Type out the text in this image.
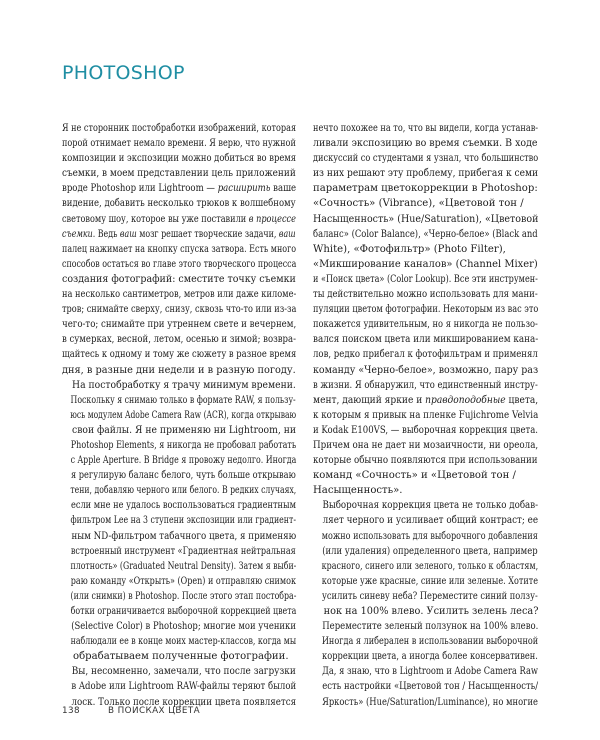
PHOTOSHOP

Я не сторонник постобработки изображений, которая
порой отнимает немало времени. Я верю, что нужной
композиции и экспозиции можно добиться во время
съемки, в моем представлении цель приложений
вроде Photoshop или Lightroom — расширить ваше
видение, добавить несколько трюков к волшебному
световому шоу, которое вы уже поставили в процессе
съемки. Ведь ваш мозг решает творческие задачи, ваш
палец нажимает на кнопку спуска затвора. Есть много
способов остаться во главе этого творческого процесса
создания фотографий: сместите точку съемки
на несколько сантиметров, метров или даже киломе-
тров; снимайте сверху, снизу, сквозь что-то или из-за
чего-то; снимайте при утреннем свете и вечернем,
в сумерках, весной, летом, осенью и зимой; возвра-
щайтесь к одному и тому же сюжету в разное время
дня, в разные дни недели и в разную погоду.

На постобработку я трачу минимум времени.
Поскольку я снимаю только в формате RAW, я пользу-
юсь модулем Adobe Camera Raw (ACR), когда открываю
свои файлы. Я не применяю ни Lightroom, ни
Photoshop Elements, я никогда не пробовал работать
с Apple Aperture. В Bridge я провожу недолго. Иногда
я регулирую баланс белого, чуть больше открываю
тени, добавляю черного или белого. В редких случаях,
если мне не удалось воспользоваться градиентным
фильтром Lee на 3 ступени экспозиции или градиент-
ным ND-фильтром табачного цвета, я применяю
встроенный инструмент «Градиентная нейтральная
плотность» (Graduated Neutral Density). Затем я выби-
раю команду «Открыть» (Open) и отправляю снимок
(или снимки) в Photoshop. После этого этап постобра-
ботки ограничивается выборочной коррекцией цвета
(Selective Color) в Photoshop; многие мои ученики
наблюдали ее в конце моих мастер-классов, когда мы
обрабатываем полученные фотографии.

Вы, несомненно, замечали, что после загрузки
в Adobe или Lightroom RAW-файлы теряют былой
лоск. Только после коррекции цвета появляется

нечто похожее на то, что вы видели, когда устанав-
ливали экспозицию во время съемки. В ходе
дискуссий со студентами я узнал, что большинство
из них решают эту проблему, прибегая к семи
параметрам цветокоррекции в Photoshop:
«Сочность» (Vibrance), «Цветовой тон /
Насыщенность» (Hue/Saturation), «Цветовой
баланс» (Color Balance), «Черно-белое» (Black and
White), «Фотофильтр» (Photo Filter),
«Микширование каналов» (Channel Mixer)
и «Поиск цвета» (Color Lookup). Все эти инструмен-
ты действительно можно использовать для мани-
пуляции цветом фотографии. Некоторым из вас это
покажется удивительным, но я никогда не пользо-
вался поиском цвета или микшированием кана-
лов, редко прибегал к фотофильтрам и применял
команду «Черно-белое», возможно, пару раз
в жизни. Я обнаружил, что единственный инстру-
мент, дающий яркие и правдоподобные цвета,
к которым я привык на пленке Fujichrome Velvia
и Kodak E100VS, — выборочная коррекция цвета.
Причем она не дает ни мозаичности, ни ореола,
которые обычно появляются при использовании
команд «Сочность» и «Цветовой тон /
Насыщенность».

Выборочная коррекция цвета не только добав-
ляет черного и усиливает общий контраст; ее
можно использовать для выборочного добавления
(или удаления) определенного цвета, например
красного, синего или зеленого, только к областям,
которые уже красные, синие или зеленые. Хотите
усилить синеву неба? Переместите синий ползу-
нок на 100% влево. Усилить зелень леса?
Переместите зеленый ползунок на 100% влево.
Иногда я либерален в использовании выборочной
коррекции цвета, а иногда более консервативен.

Да, я знаю, что в Lightroom и Adobe Camera Raw
есть настройки «Цветовой тон / Насыщенность/
Яркость» (Hue/Saturation/Luminance), но многие

138	В ПОИСКАХ ЦВЕТА
